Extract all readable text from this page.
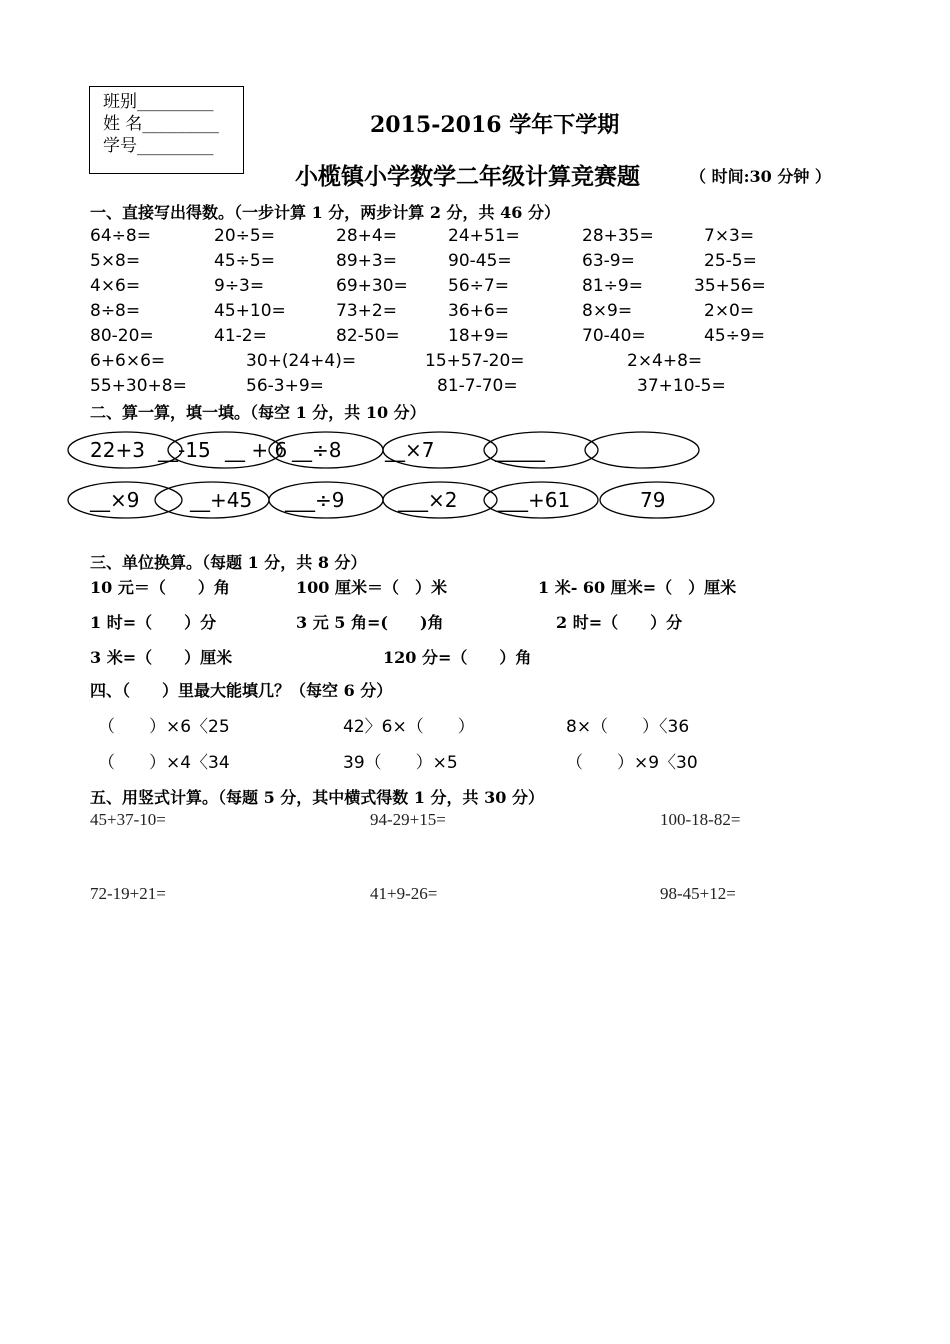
班别_________
姓 名_________
学号_________
2015-2016 学年下学期
小榄镇小学数学二年级计算竞赛题	（ 时间:30 分钟 ）
一、直接写出得数。（一步计算 1 分，两步计算 2 分，共 46 分）
64÷8=	20÷5=	28+4=	24+51=	28+35=	7×3=
5×8=	45÷5=	89+3=	90-45=	63-9=	25-5=
4×6=	9÷3=	69+30= 56÷7=	81÷9=	35+56=
8÷8=	45+10=	73+2=	36+6=	8×9=	2×0=
80-20=	41-2=	82-50=	18+9=	70-40=	45÷9=
6+6×6=	30+(24+4)=	15+57-20=	2×4+8=
55+30+8=	56-3+9=	81-7-70=	37+10-5=
二、算一算，填一填。（每空 1 分，共 10 分）
22+3 __-15 __ + 6 __÷8 __×7	_____
__×9	__+45 ___÷9	___×2 ___+61	79
三、单位换算。（每题 1 分，共 8 分）
10 元＝（　　）角	100 厘米＝（　）米	1 米- 60 厘米=（　）厘米
1 时=（　　）分	3 元 5 角=(　　)角	2 时=（　　）分
3 米=（　　）厘米	120 分=（　　）角
四、（　　）里最大能填几？（每空 6 分）
（　　）×6〈25	42〉6×（　　）	8×（　　）〈36
（　　）×4〈34	39（　　）×5	（　　）×9〈30
五、用竖式计算。（每题 5 分，其中横式得数 1 分，共 30 分）
45+37-10=	94-29+15=	100-18-82=
72-19+21=	41+9-26=	98-45+12=
